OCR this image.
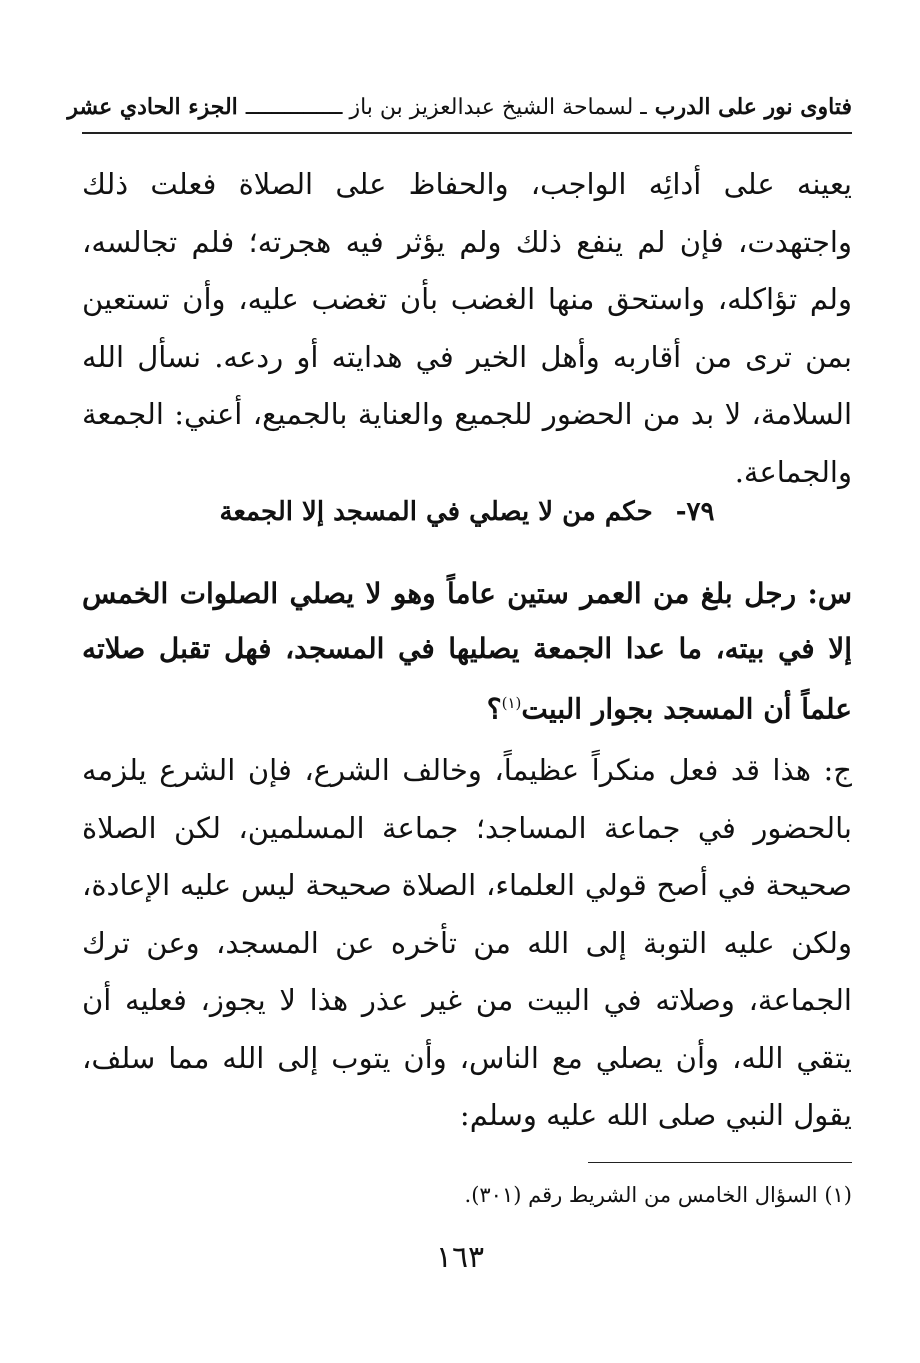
فتاوى نور على الدرب
ـ لسماحة الشيخ عبدالعزيز بن باز ـــــــــــــــ
الجزء الحادي عشر
يعينه على أدائِه الواجب، والحفاظ على الصلاة فعلت ذلك واجتهدت، فإن لم ينفع ذلك ولم يؤثر فيه هجرته؛ فلم تجالسه، ولم تؤاكله، واستحق منها الغضب بأن تغضب عليه، وأن تستعين بمن ترى من أقاربه وأهل الخير في هدايته أو ردعه. نسأل الله السلامة، لا بد من الحضور للجميع والعناية بالجميع، أعني: الجمعة والجماعة.
٧٩- حكم من لا يصلي في المسجد إلا الجمعة
س: رجل بلغ من العمر ستين عاماً وهو لا يصلي الصلوات الخمس إلا في بيته، ما عدا الجمعة يصليها في المسجد، فهل تقبل صلاته علماً أن المسجد بجوار البيت$^{(١)}$؟
ج: هذا قد فعل منكراً عظيماً، وخالف الشرع، فإن الشرع يلزمه بالحضور في جماعة المساجد؛ جماعة المسلمين، لكن الصلاة صحيحة في أصح قولي العلماء، الصلاة صحيحة ليس عليه الإعادة، ولكن عليه التوبة إلى الله من تأخره عن المسجد، وعن ترك الجماعة، وصلاته في البيت من غير عذر هذا لا يجوز، فعليه أن يتقي الله، وأن يصلي مع الناس، وأن يتوب إلى الله مما سلف، يقول النبي صلى الله عليه وسلم:
(١) السؤال الخامس من الشريط رقم (٣٠١).
١٦٣
